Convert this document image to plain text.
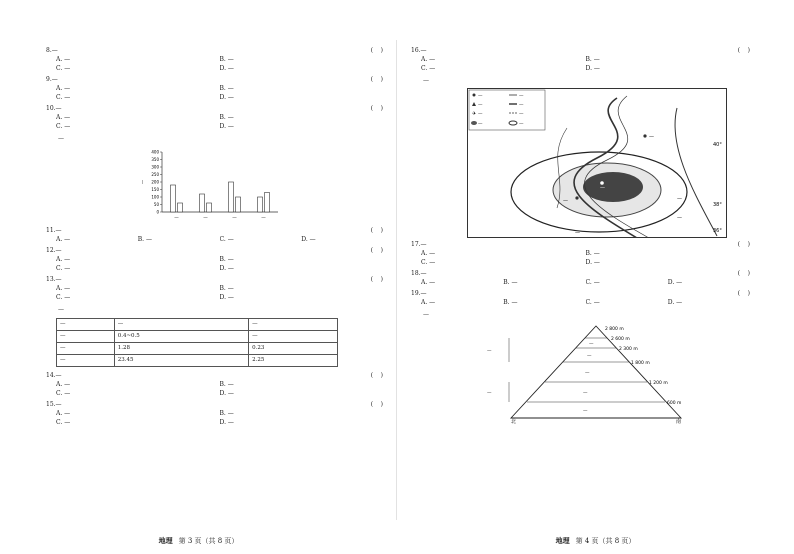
8.—	(    )
A. —	B. —
C. —	D. —
9.—	(    )
A. —	B. —
C. —	D. —
10.—	(    )
A. —	B. —
C. —	D. —
—
0
50
100
150
200
250
300
350
400
—
—	—	—	—
11.—	(    )
A. —	B. —	C. —	D. —
12.—	(    )
A. —	B. —
C. —	D. —
13.—	(    )
A. —	B. —
C. —	D. —
—
—	—	—
—	0.4~0.5	—
—	1.28	0.23
—	23.45	2.25
14.—	(    )
A. —	B. —
C. —	D. —
15.—	(    )
A. —	B. —
C. —	D. —
地理 第 3 页（共 8 页）
16.—	(    )
A. —	B. —
C. —	D. —
—
—	—
—	—
✈ —	—
—	—
—
—
—
—
—
—
40°
38°
36°
17.—	(    )
A. —	B. —
C. —	D. —
18.—	(    )
A. —	B. —	C. —	D. —
19.—	(    )
A. —	B. —	C. —	D. —
—
—
—
—
—
—
2 800 m
2 600 m
2 300 m
1 800 m
1 200 m
600 m
—
—
北	南
地理 第 4 页（共 8 页）
